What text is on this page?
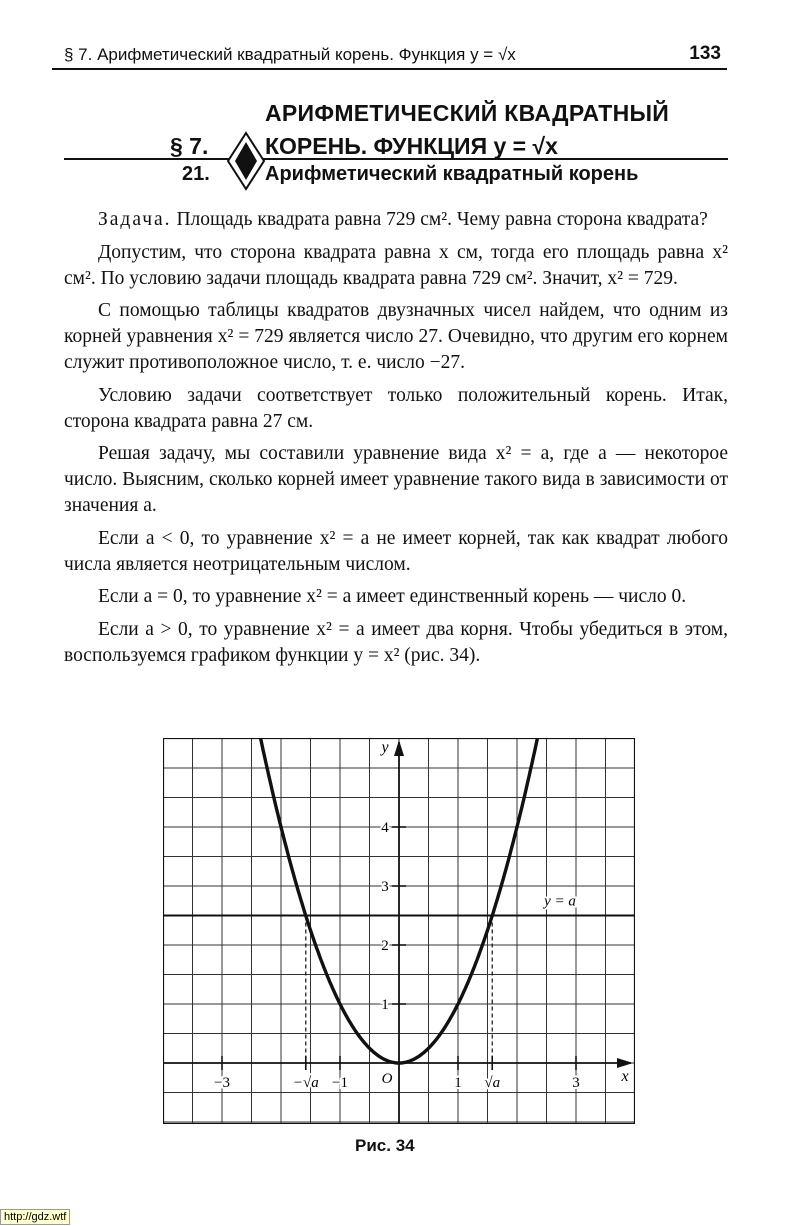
§ 7. Арифметический квадратный корень. Функция y = √x	133
АРИФМЕТИЧЕСКИЙ КВАДРАТНЫЙ
§ 7. КОРЕНЬ. ФУНКЦИЯ y = √x
21.	Арифметический квадратный корень

Задача. Площадь квадрата равна 729 см². Чему равна сторона квадрата?

Допустим, что сторона квадрата равна x см, тогда его площадь равна x² см². По условию задачи площадь квадрата равна 729 см². Значит, x² = 729.

С помощью таблицы квадратов двузначных чисел найдем, что одним из корней уравнения x² = 729 является число 27. Очевидно, что другим его корнем служит противоположное число, т. е. число −27.

Условию задачи соответствует только положительный корень. Итак, сторона квадрата равна 27 см.

Решая задачу, мы составили уравнение вида x² = a, где a — некоторое число. Выясним, сколько корней имеет уравнение такого вида в зависимости от значения a.

Если a < 0, то уравнение x² = a не имеет корней, так как квадрат любого числа является неотрицательным числом.

Если a = 0, то уравнение x² = a имеет единственный корень — число 0.

Если a > 0, то уравнение x² = a имеет два корня. Чтобы убедиться в этом, воспользуемся графиком функции y = x² (рис. 34).

−3	−√a −1	1 √a	3
1
2
3
4
O	x
y
y = a
Рис. 34
http://gdz.wtf
